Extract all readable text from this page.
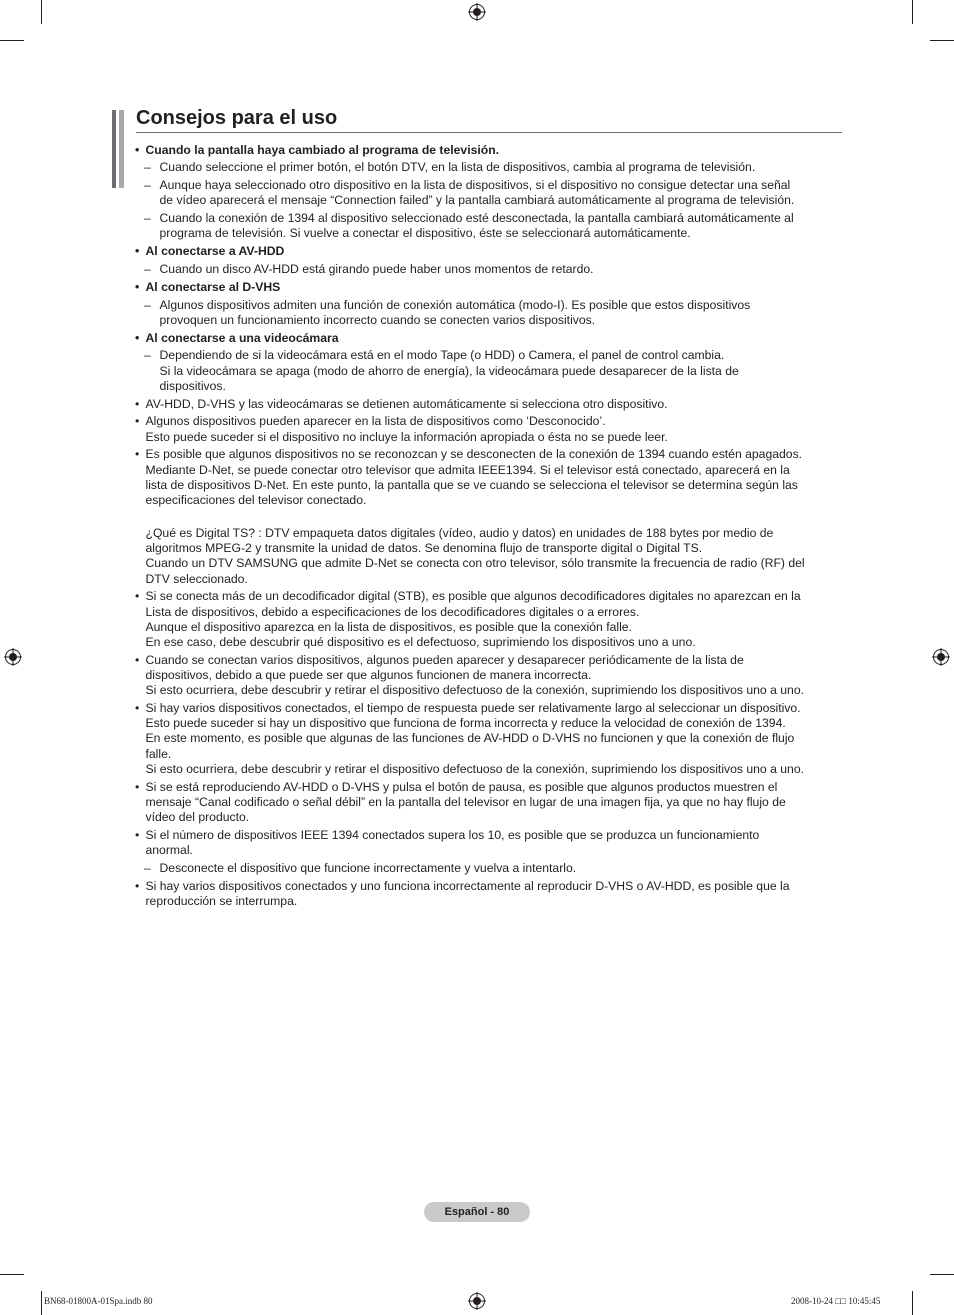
Consejos para el uso
• Cuando la pantalla haya cambiado al programa de televisión.
– Cuando seleccione el primer botón, el botón DTV, en la lista de dispositivos, cambia al programa de televisión.
– Aunque haya seleccionado otro dispositivo en la lista de dispositivos, si el dispositivo no consigue detectar una señal
de vídeo aparecerá el mensaje “Connection failed” y la pantalla cambiará automáticamente al programa de televisión.
– Cuando la conexión de 1394 al dispositivo seleccionado esté desconectada, la pantalla cambiará automáticamente al
programa de televisión. Si vuelve a conectar el dispositivo, éste se seleccionará automáticamente.
• Al conectarse a AV-HDD
– Cuando un disco AV-HDD está girando puede haber unos momentos de retardo.
• Al conectarse al D-VHS
– Algunos dispositivos admiten una función de conexión automática (modo-I). Es posible que estos dispositivos
provoquen un funcionamiento incorrecto cuando se conecten varios dispositivos.
• Al conectarse a una videocámara
– Dependiendo de si la videocámara está en el modo Tape (o HDD) o Camera, el panel de control cambia.
Si la videocámara se apaga (modo de ahorro de energía), la videocámara puede desaparecer de la lista de
dispositivos.
• AV-HDD, D-VHS y las videocámaras se detienen automáticamente si selecciona otro dispositivo.
• Algunos dispositivos pueden aparecer en la lista de dispositivos como ‘Desconocido’.
Esto puede suceder si el dispositivo no incluye la información apropiada o ésta no se puede leer.
• Es posible que algunos dispositivos no se reconozcan y se desconecten de la conexión de 1394 cuando estén apagados.
Mediante D-Net, se puede conectar otro televisor que admita IEEE1394. Si el televisor está conectado, aparecerá en la
lista de dispositivos D-Net. En este punto, la pantalla que se ve cuando se selecciona el televisor se determina según las
especificaciones del televisor conectado.
¿Qué es Digital TS? : DTV empaqueta datos digitales (vídeo, audio y datos) en unidades de 188 bytes por medio de
algoritmos MPEG-2 y transmite la unidad de datos. Se denomina flujo de transporte digital o Digital TS.
Cuando un DTV SAMSUNG que admite D-Net se conecta con otro televisor, sólo transmite la frecuencia de radio (RF) del
DTV seleccionado.
• Si se conecta más de un decodificador digital (STB), es posible que algunos decodificadores digitales no aparezcan en la
Lista de dispositivos, debido a especificaciones de los decodificadores digitales o a errores.
Aunque el dispositivo aparezca en la lista de dispositivos, es posible que la conexión falle.
En ese caso, debe descubrir qué dispositivo es el defectuoso, suprimiendo los dispositivos uno a uno.
• Cuando se conectan varios dispositivos, algunos pueden aparecer y desaparecer periódicamente de la lista de
dispositivos, debido a que puede ser que algunos funcionen de manera incorrecta.
Si esto ocurriera, debe descubrir y retirar el dispositivo defectuoso de la conexión, suprimiendo los dispositivos uno a uno.
• Si hay varios dispositivos conectados, el tiempo de respuesta puede ser relativamente largo al seleccionar un dispositivo.
Esto puede suceder si hay un dispositivo que funciona de forma incorrecta y reduce la velocidad de conexión de 1394.
En este momento, es posible que algunas de las funciones de AV-HDD o D-VHS no funcionen y que la conexión de flujo
falle.
Si esto ocurriera, debe descubrir y retirar el dispositivo defectuoso de la conexión, suprimiendo los dispositivos uno a uno.
• Si se está reproduciendo AV-HDD o D-VHS y pulsa el botón de pausa, es posible que algunos productos muestren el
mensaje “Canal codificado o señal débil” en la pantalla del televisor en lugar de una imagen fija, ya que no hay flujo de
vídeo del producto.
• Si el número de dispositivos IEEE 1394 conectados supera los 10, es posible que se produzca un funcionamiento
anormal.
– Desconecte el dispositivo que funcione incorrectamente y vuelva a intentarlo.
• Si hay varios dispositivos conectados y uno funciona incorrectamente al reproducir D-VHS o AV-HDD, es posible que la
reproducción se interrumpa.
Español - 80
BN68-01800A-01Spa.indb 80	2008-10-24 □□ 10:45:45
